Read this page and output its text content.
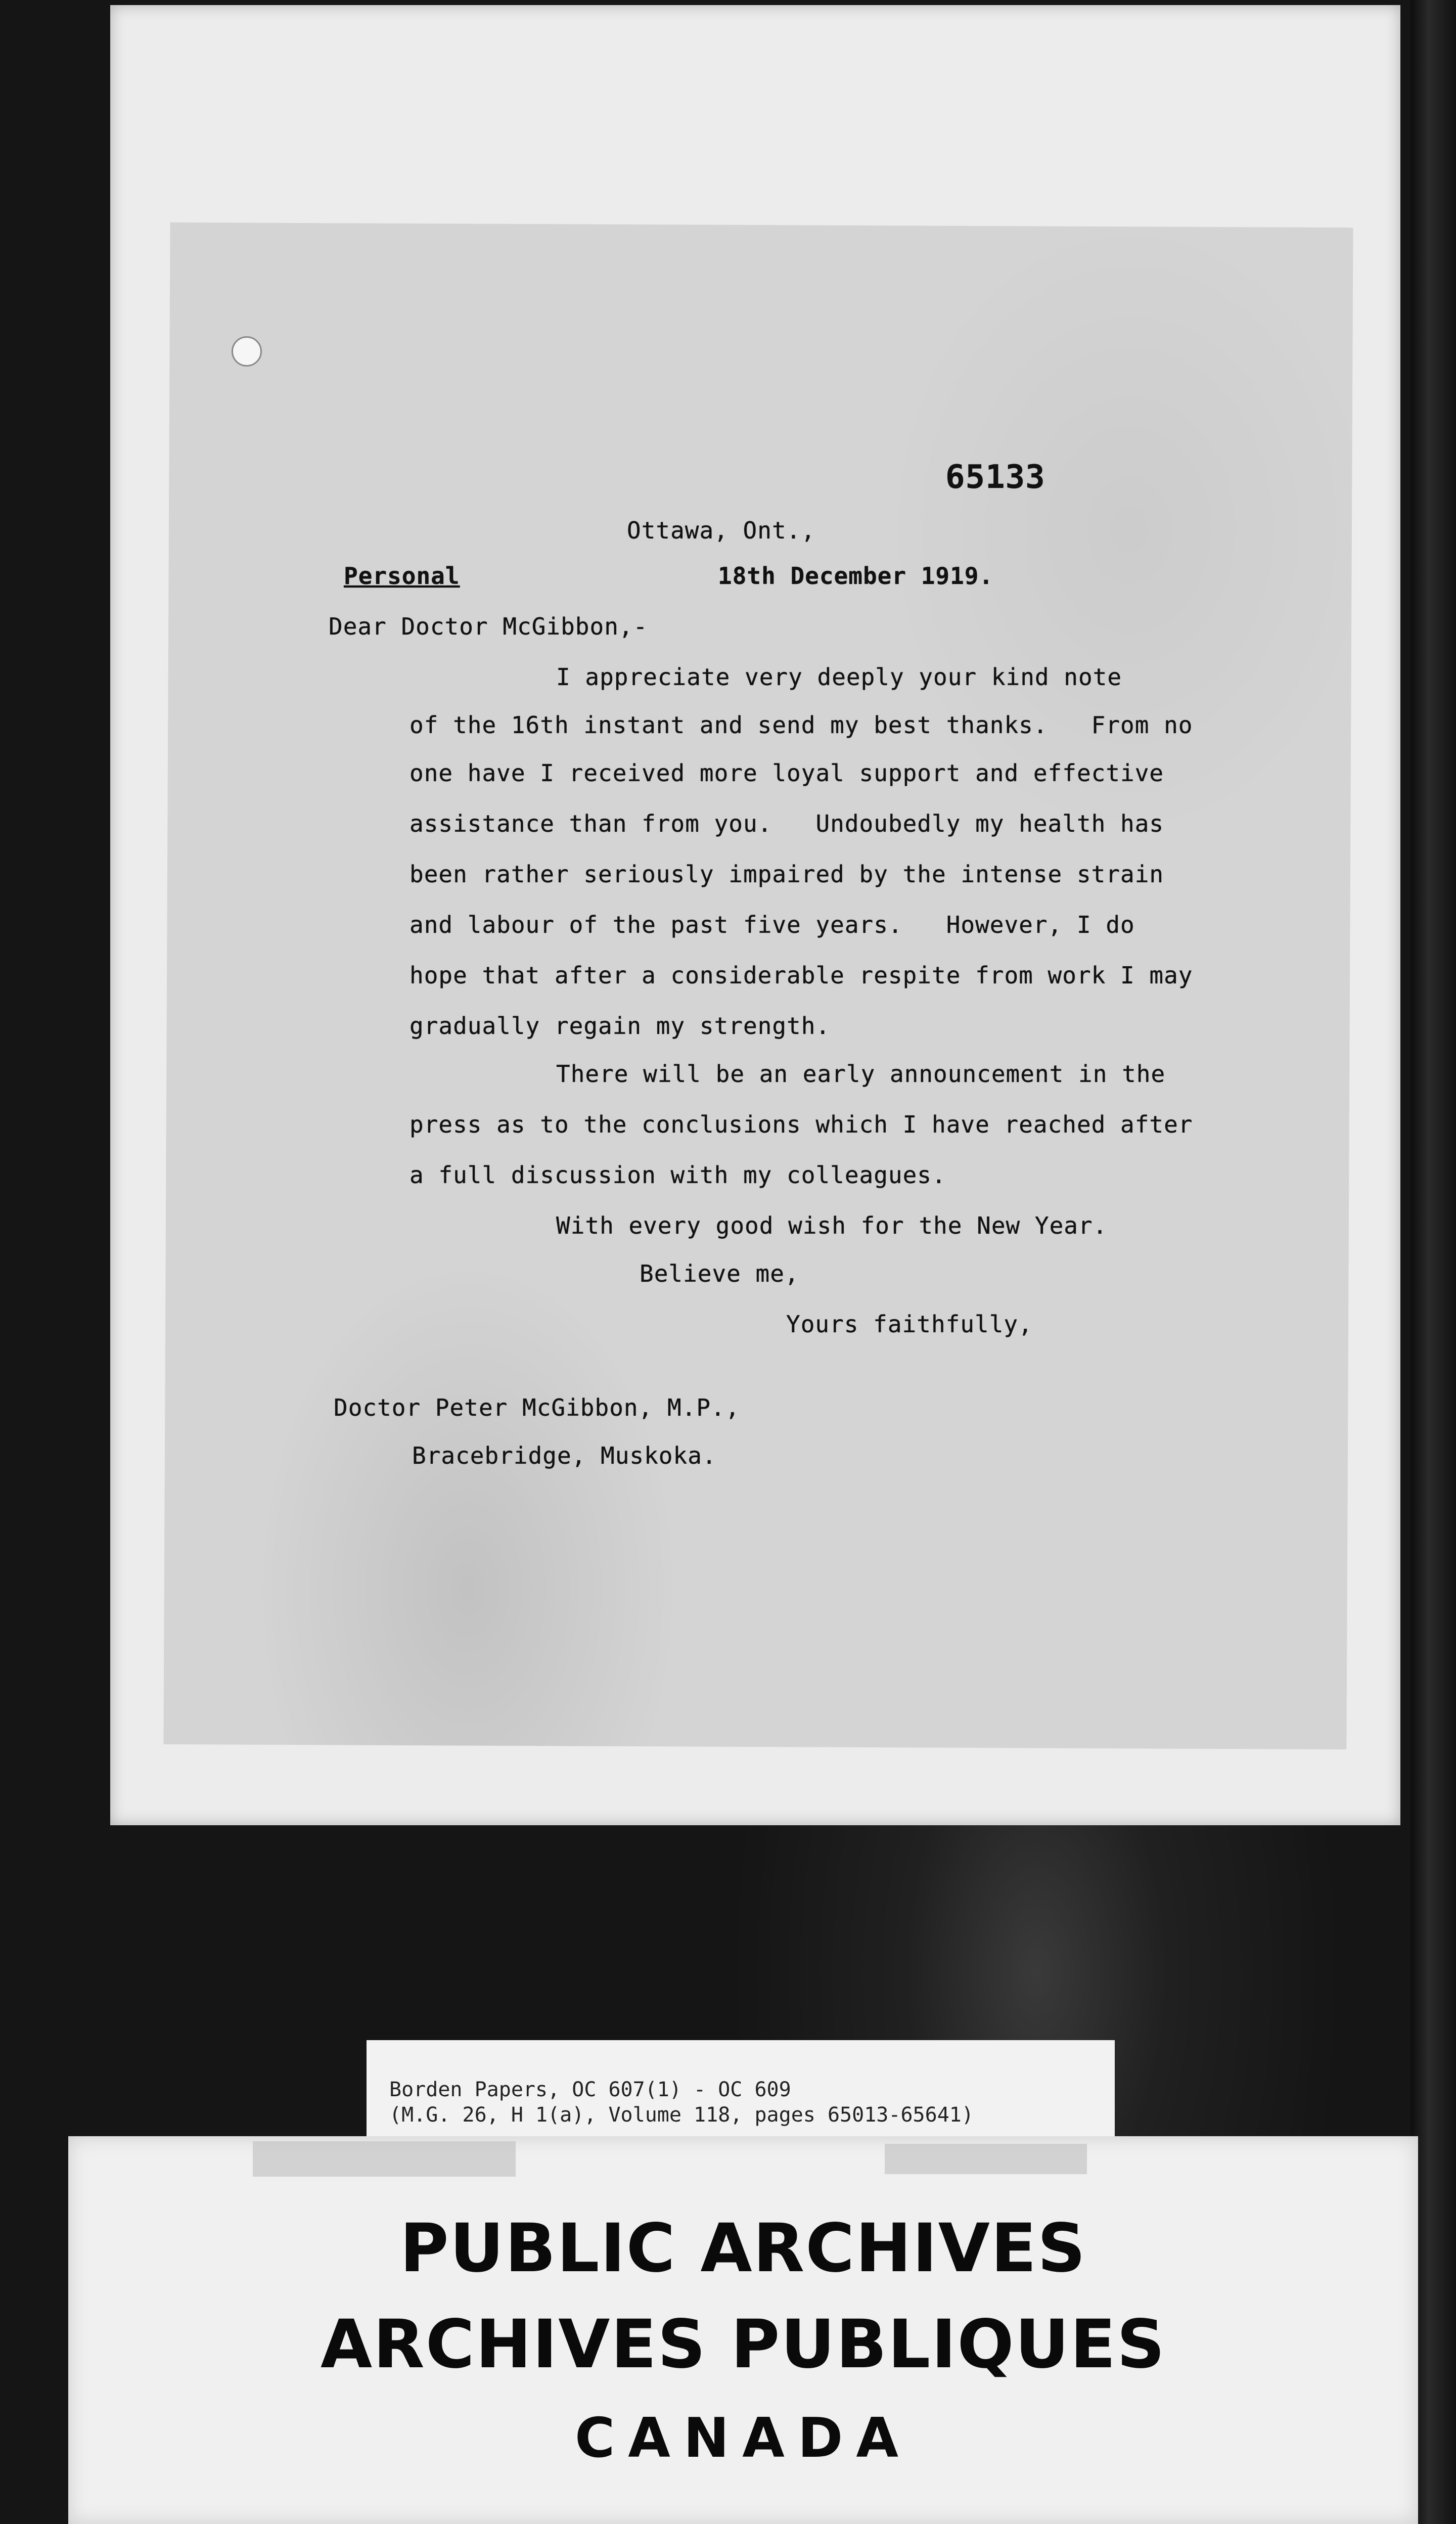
65133
Ottawa, Ont.,
Personal	18th December 1919.
Dear Doctor McGibbon,-
I appreciate very deeply your kind note
of the 16th instant and send my best thanks.   From no
one have I received more loyal support and effective
assistance than from you.   Undoubedly my health has
been rather seriously impaired by the intense strain
and labour of the past five years.   However, I do
hope that after a considerable respite from work I may
gradually regain my strength.
There will be an early announcement in the
press as to the conclusions which I have reached after
a full discussion with my colleagues.
With every good wish for the New Year.
Believe me,
Yours faithfully,
Doctor Peter McGibbon, M.P.,
Bracebridge, Muskoka.
Borden Papers, OC 607(1) - OC 609
(M.G. 26, H 1(a), Volume 118, pages 65013-65641)
PUBLIC ARCHIVES
ARCHIVES PUBLIQUES
CANADA
